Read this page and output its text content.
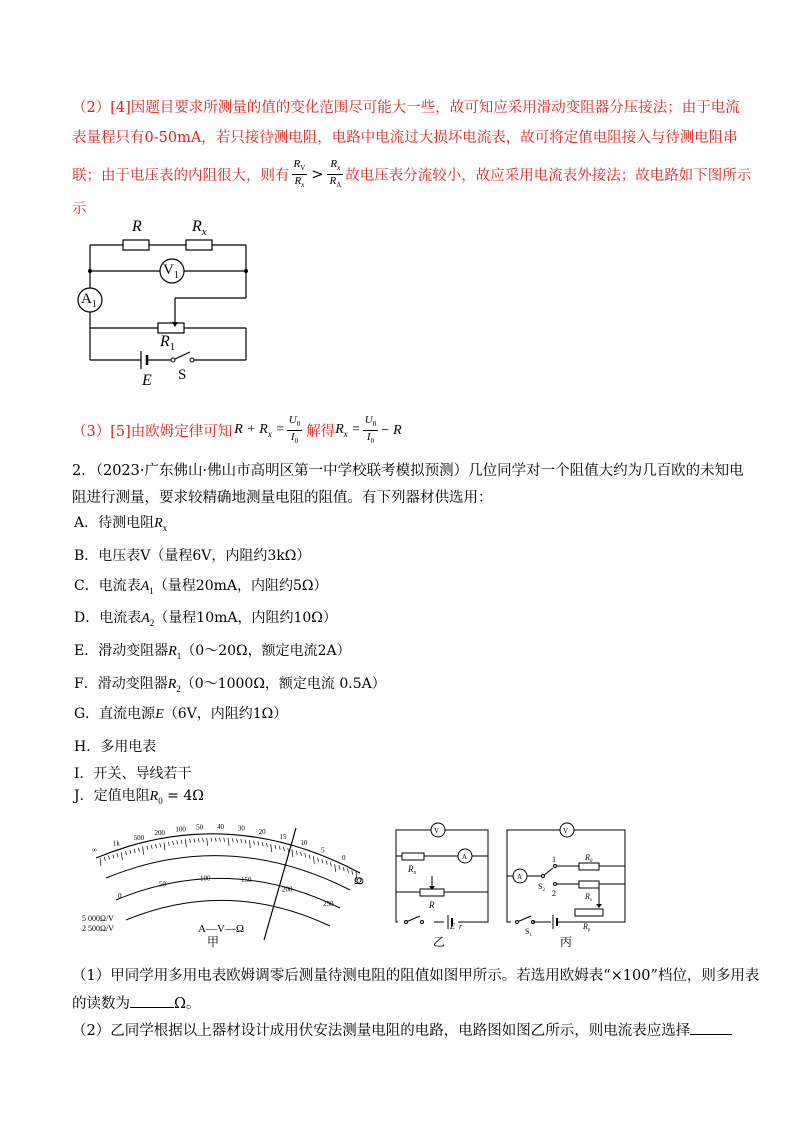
（2）[4]因题目要求所测量的值的变化范围尽可能大一些，故可知应采用滑动变阻器分压接法；由于电流
表量程只有0-50mA，若只接待测电阻，电路中电流过大损坏电流表，故可将定值电阻接入与待测电阻串
联；由于电压表的内阻很大，则有 $\frac{R_V}{R_x} > \frac{R_x}{R_A}$ 故电压表分流较小，故应采用电流表外接法；故电路如下图所示
示
R	$R_x$
$V_1$
$A_1$
$R_1$
E S
（3）[5]由欧姆定律可知 $R + R_x = \frac{U_0}{I_0}$ 解得 $R_x = \frac{U_0}{I_0} - R$
2．（2023·广东佛山·佛山市高明区第一中学校联考模拟预测）几位同学对一个阻值大约为几百欧的未知电
阻进行测量，要求较精确地测量电阻的阻值。有下列器材供选用：
A．待测电阻$R_x$
B．电压表V（量程6V，内阻约3kΩ）
C．电流表$A_1$（量程20mA，内阻约5Ω）
D．电流表$A_2$（量程10mA，内阻约10Ω）
E．滑动变阻器$R_1(0\sim 20\Omega$，额定电流2A）
F．滑动变阻器$R_2(0\sim 1000\Omega$，额定电流 0.5A）
G．直流电源E（6V，内阻约1Ω）
H．多用电表
I．开关、导线若干
J．定值电阻$R_0 = 4\Omega$
5 000Ω/V
2 500Ω/V	A—V—Ω
Ω
∞
1k
500
200 100 50 40 30 20
15
10
5
0
0
50
100	150
200
250
甲
V
A
$R_x$
R
E r
乙
V
A
1
2
$S_2$
$R_0$
$R_x$
$S_1$
$R_p$
丙
（1）甲同学用多用电表欧姆调零后测量待测电阻的阻值如图甲所示。若选用欧姆表“×100”档位，则多用表
的读数为	Ω。
（2）乙同学根据以上器材设计成用伏安法测量电阻的电路，电路图如图乙所示，则电流表应选择
